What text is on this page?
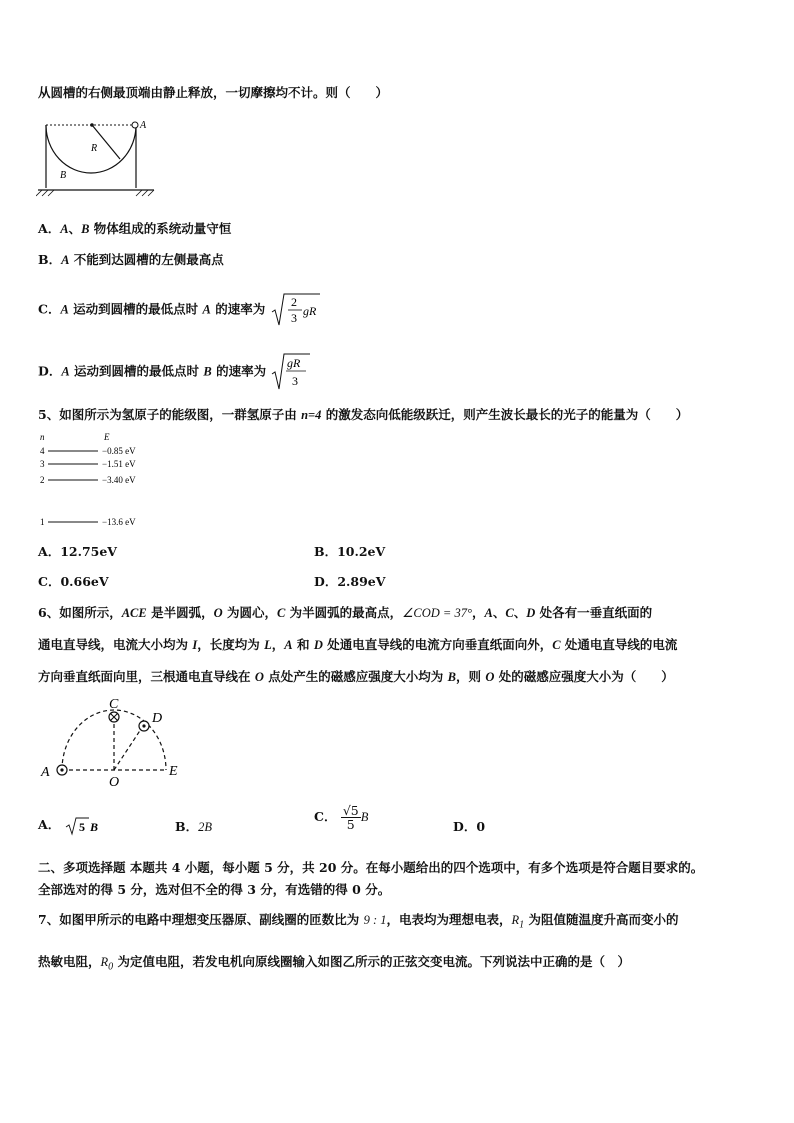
从圆槽的右侧最顶端由静止释放，一切摩擦均不计。则（　　）
A
R
B
A．A、B 物体组成的系统动量守恒
B．A 不能到达圆槽的左侧最高点
C．A 运动到圆槽的最低点时 A 的速率为 2
3 gR
D．A 运动到圆槽的最低点时 B 的速率为
gR
3
5、如图所示为氢原子的能级图，一群氢原子由 n=4 的激发态向低能级跃迁，则产生波长最长的光子的能量为（　　）
n	E
4	−0.85 eV
3	−1.51 eV
2	−3.40 eV
1	−13.6 eV
A．12.75eV	B．10.2eV
C．0.66eV	D．2.89eV
6、如图所示，ACE 是半圆弧，O 为圆心，C 为半圆弧的最高点，∠COD = 37°，A、C、D 处各有一垂直纸面的
通电直导线，电流大小均为 I，长度均为 L，A 和 D 处通电直导线的电流方向垂直纸面向外，C 处通电直导线的电流
方向垂直纸面向里，三根通电直导线在 O 点处产生的磁感应强度大小均为 B，则 O 处的磁感应强度大小为（　　）
C
D
A
O
E
A． 5 B	B．2B
C． $\frac{√5}{5}$ B
D．0
二、多项选择题 本题共 4 小题，每小题 5 分，共 20 分。在每小题给出的四个选项中，有多个选项是符合题目要求的。
全部选对的得 5 分，选对但不全的得 3 分，有选错的得 0 分。
7、如图甲所示的电路中理想变压器原、副线圈的匝数比为 9 : 1，电表均为理想电表，$R_1$ 为阻值随温度升高而变小的
热敏电阻，$R_0$ 为定值电阻，若发电机向原线圈输入如图乙所示的正弦交变电流。下列说法中正确的是（　）
